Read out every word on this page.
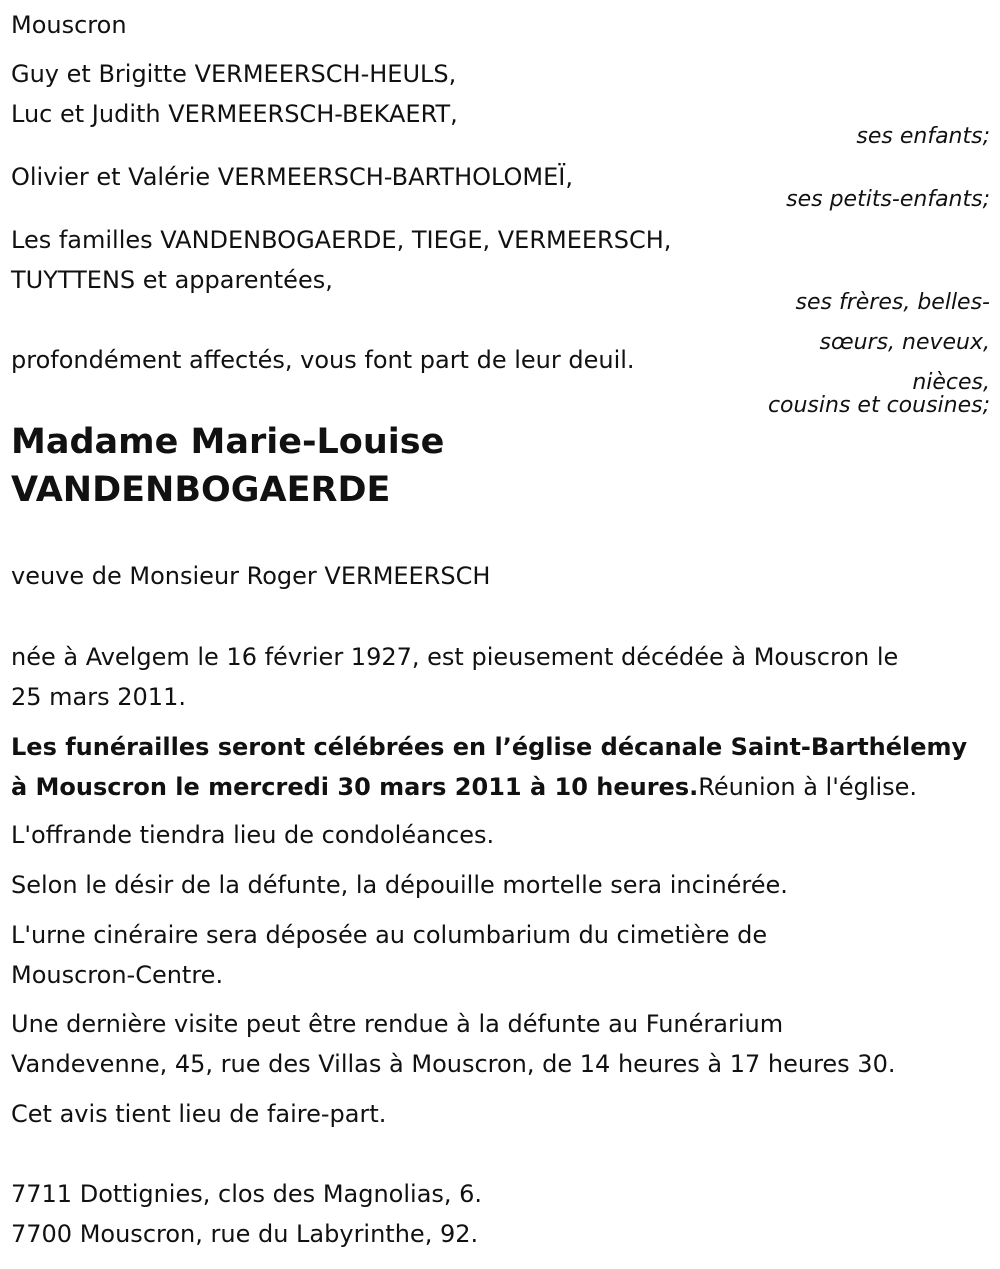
Mouscron

Guy et Brigitte VERMEERSCH-HEULS,

Luc et Judith VERMEERSCH-BEKAERT,

ses enfants;

Olivier et Valérie VERMEERSCH-BARTHOLOMEÏ,

ses petits-enfants;

Les familles VANDENBOGAERDE, TIEGE, VERMEERSCH,

TUYTTENS et apparentées,

ses frères, belles-

sœurs, neveux,

nièces,

cousins et cousines;

profondément affectés, vous font part de leur deuil.

Madame Marie-Louise

VANDENBOGAERDE

veuve de Monsieur Roger VERMEERSCH

née à Avelgem le 16 février 1927, est pieusement décédée à Mouscron le

25 mars 2011.

Les funérailles seront célébrées en l’église décanale Saint-Barthélemy

à Mouscron le mercredi 30 mars 2011 à 10 heures.Réunion à l'église.

L'offrande tiendra lieu de condoléances.

Selon le désir de la défunte, la dépouille mortelle sera incinérée.

L'urne cinéraire sera déposée au columbarium du cimetière de

Mouscron-Centre.

Une dernière visite peut être rendue à la défunte au Funérarium

Vandevenne, 45, rue des Villas à Mouscron, de 14 heures à 17 heures 30.

Cet avis tient lieu de faire-part.

7711 Dottignies, clos des Magnolias, 6.

7700 Mouscron, rue du Labyrinthe, 92.
